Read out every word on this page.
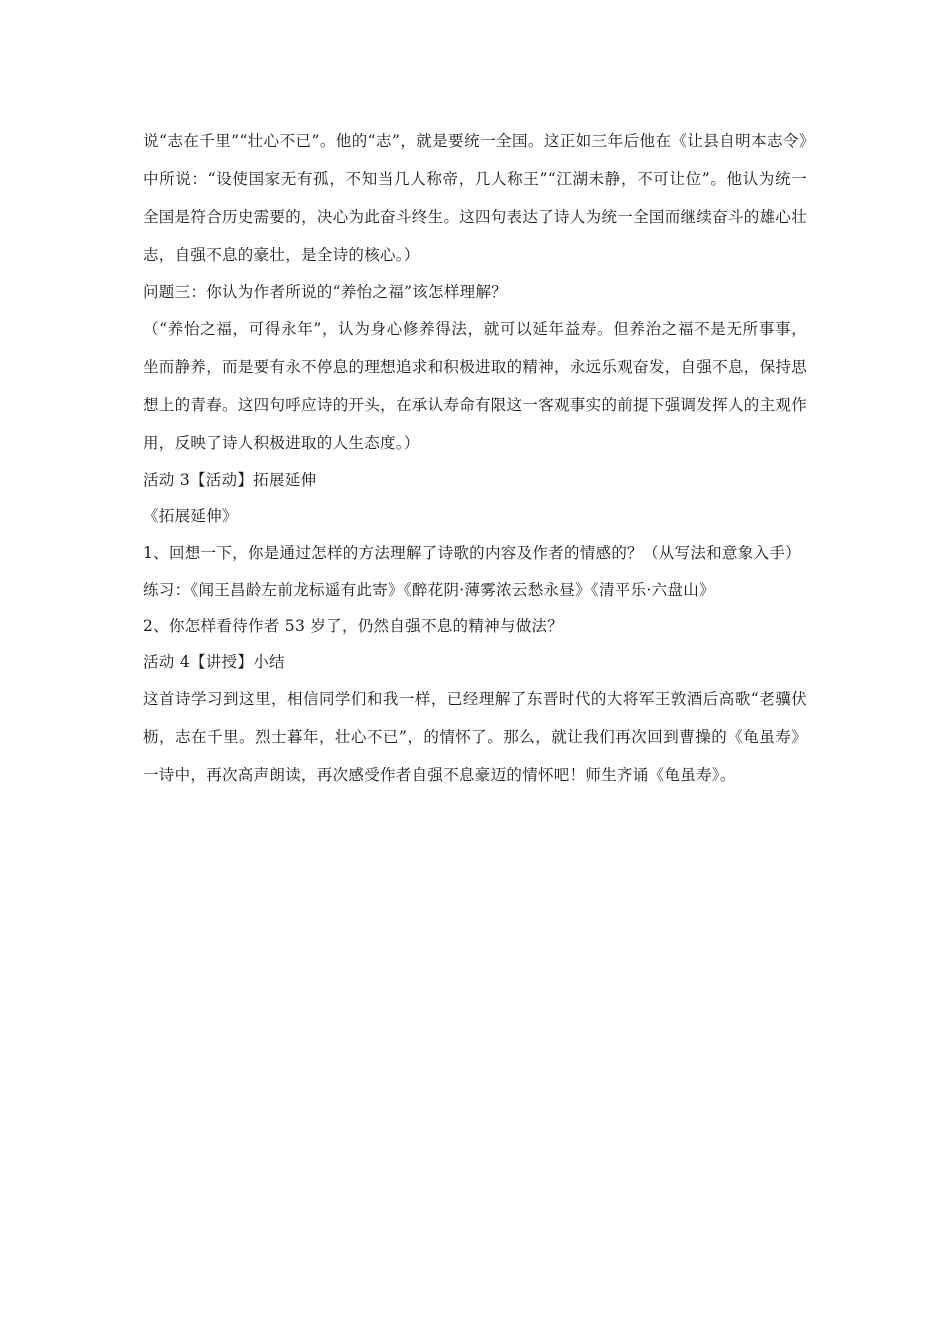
说“志在千里”“壮心不已”。他的“志”，就是要统一全国。这正如三年后他在《让县自明本志令》中所说：“设使国家无有孤，不知当几人称帝，几人称王”“江湖未静，不可让位”。他认为统一全国是符合历史需要的，决心为此奋斗终生。这四句表达了诗人为统一全国而继续奋斗的雄心壮志，自强不息的豪壮，是全诗的核心。）

问题三：你认为作者所说的“养怡之福”该怎样理解？

（“养怡之福，可得永年”，认为身心修养得法，就可以延年益寿。但养治之福不是无所事事，坐而静养，而是要有永不停息的理想追求和积极进取的精神，永远乐观奋发，自强不息，保持思想上的青春。这四句呼应诗的开头，在承认寿命有限这一客观事实的前提下强调发挥人的主观作用，反映了诗人积极进取的人生态度。）

活动 3【活动】拓展延伸

《拓展延伸》

1、回想一下，你是通过怎样的方法理解了诗歌的内容及作者的情感的？（从写法和意象入手）

练习：《闻王昌龄左前龙标遥有此寄》《醉花阴·薄雾浓云愁永昼》《清平乐·六盘山》

2、你怎样看待作者 53 岁了，仍然自强不息的精神与做法？

活动 4【讲授】小结

这首诗学习到这里，相信同学们和我一样，已经理解了东晋时代的大将军王敦酒后高歌“老骥伏枥，志在千里。烈士暮年，壮心不已”，的情怀了。那么，就让我们再次回到曹操的《龟虽寿》一诗中，再次高声朗读，再次感受作者自强不息豪迈的情怀吧！师生齐诵《龟虽寿》。
